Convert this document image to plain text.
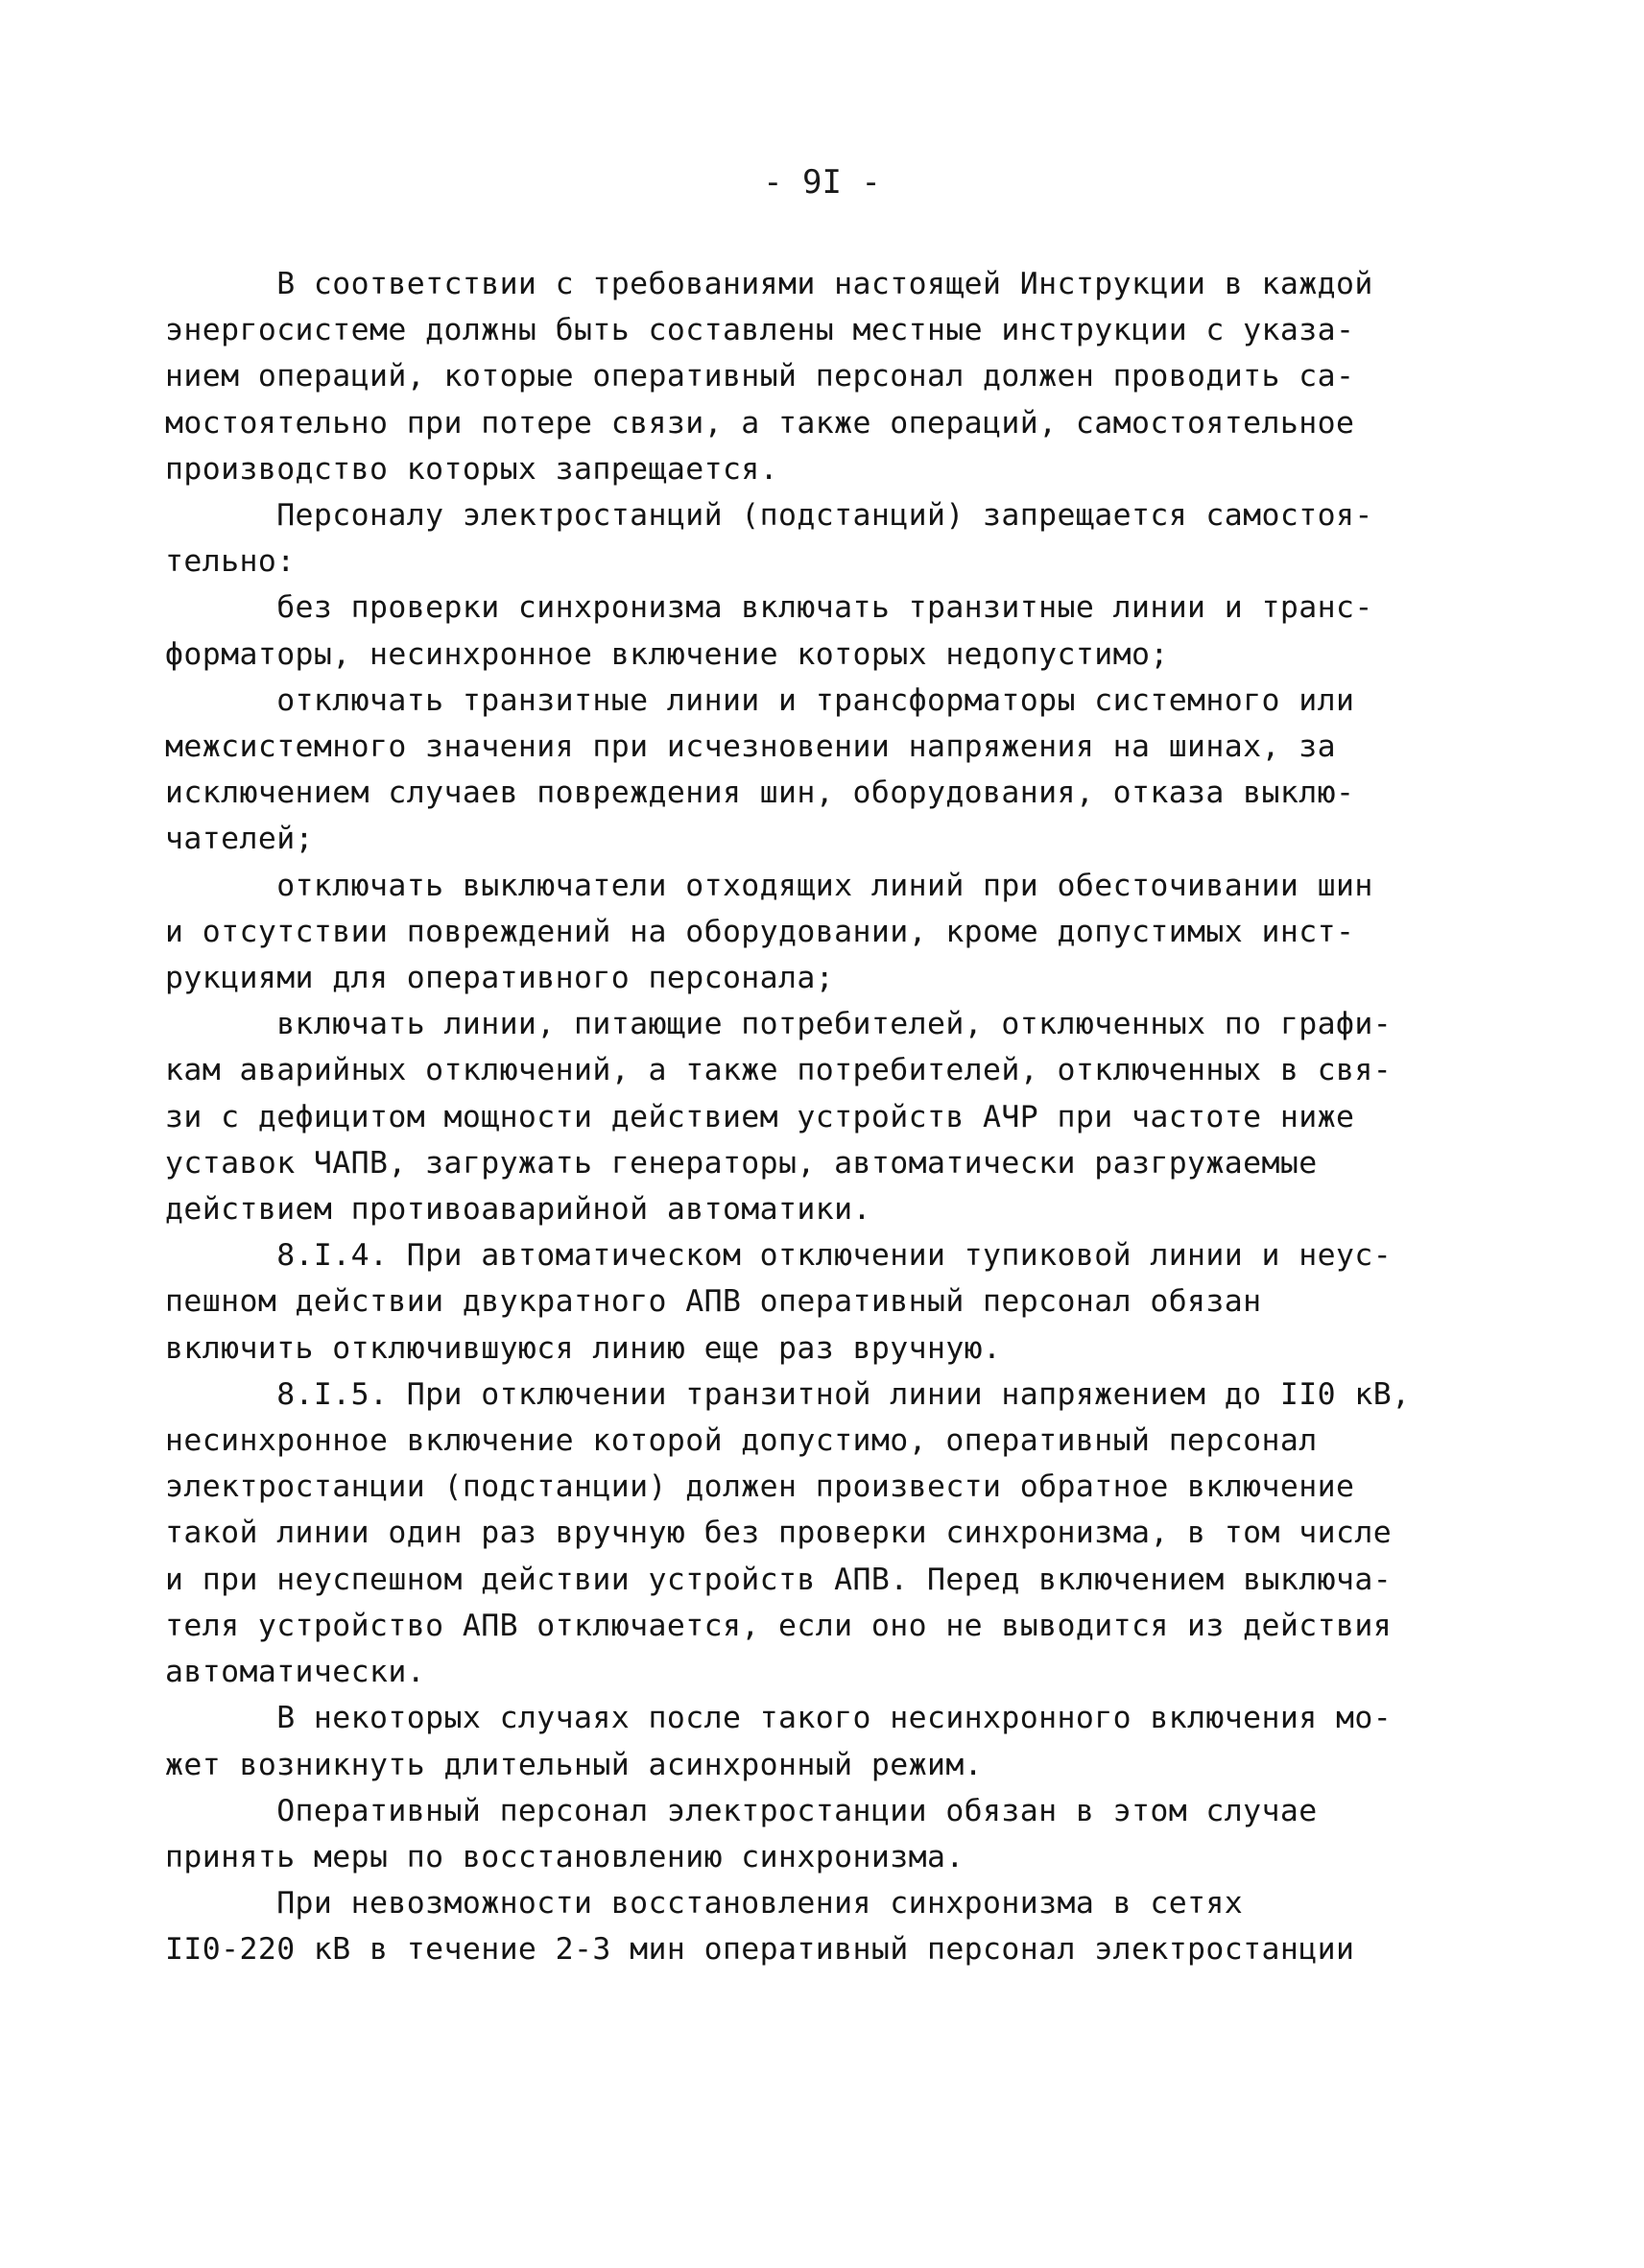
- 9I -

В соответствии с требованиями настоящей Инструкции в каждой
энергосистеме должны быть составлены местные инструкции с указа-
нием операций, которые оперативный персонал должен проводить са-
мостоятельно при потере связи, а также операций, самостоятельное
производство которых запрещается.

Персоналу электростанций (подстанций) запрещается самостоя-
тельно:

без проверки синхронизма включать транзитные линии и транс-
форматоры, несинхронное включение которых недопустимо;

отключать транзитные линии и трансформаторы системного или
межсистемного значения при исчезновении напряжения на шинах, за
исключением случаев повреждения шин, оборудования, отказа выклю-
чателей;

отключать выключатели отходящих линий при обесточивании шин
и отсутствии повреждений на оборудовании, кроме допустимых инст-
рукциями для оперативного персонала;

включать линии, питающие потребителей, отключенных по графи-
кам аварийных отключений, а также потребителей, отключенных в свя-
зи с дефицитом мощности действием устройств АЧР при частоте ниже
уставок ЧАПВ, загружать генераторы, автоматически разгружаемые
действием противоаварийной автоматики.

8.I.4. При автоматическом отключении тупиковой линии и неус-
пешном действии двукратного АПВ оперативный персонал обязан
включить отключившуюся линию еще раз вручную.

8.I.5. При отключении транзитной линии напряжением до II0 кВ,
несинхронное включение которой допустимо, оперативный персонал
электростанции (подстанции) должен произвести обратное включение
такой линии один раз вручную без проверки синхронизма, в том числе
и при неуспешном действии устройств АПВ. Перед включением выключа-
теля устройство АПВ отключается, если оно не выводится из действия
автоматически.

В некоторых случаях после такого несинхронного включения мо-
жет возникнуть длительный асинхронный режим.

Оперативный персонал электростанции обязан в этом случае
принять меры по восстановлению синхронизма.

При невозможности восстановления синхронизма в сетях
II0-220 кВ в течение 2-3 мин оперативный персонал электростанции
